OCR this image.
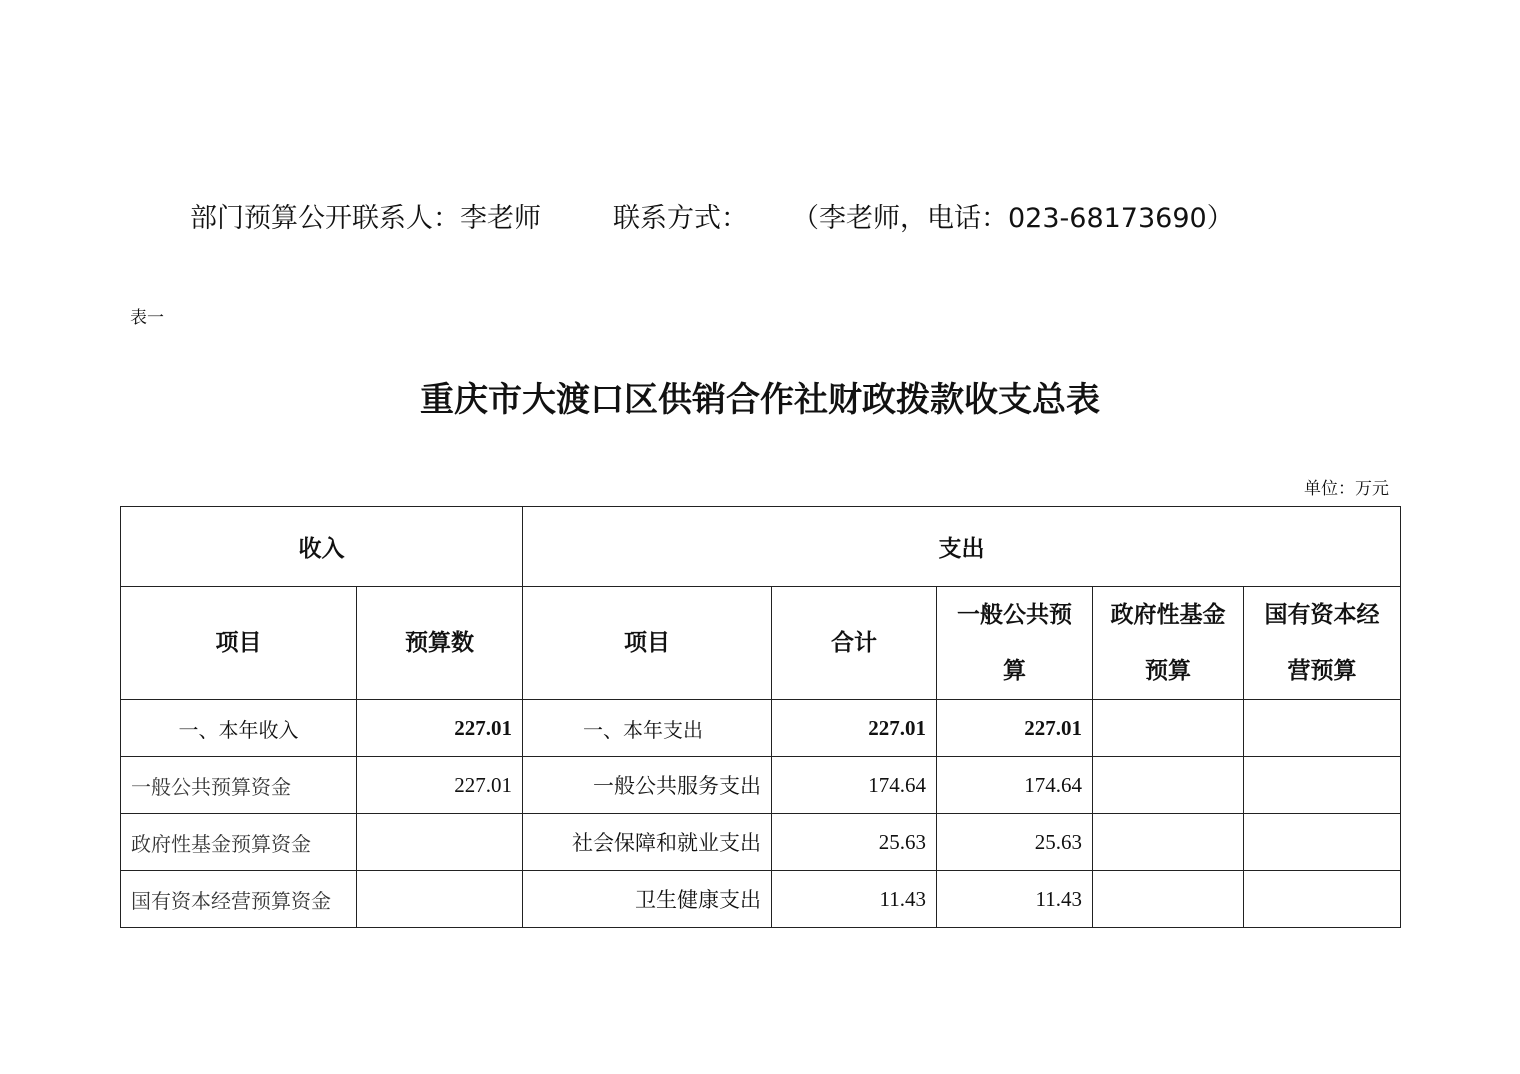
部门预算公开联系人：李老师	联系方式： （李老师，电话：023-68173690）
表一
重庆市大渡口区供销合作社财政拨款收支总表
单位：万元
收入		支出				
项目	预算数	项目	合计	一般公共预算	政府性基金预算	国有资本经营预算
一、本年收入	227.01	一、本年支出	227.01	227.01		
一般公共预算资金	227.01	一般公共服务支出	174.64	174.64		
政府性基金预算资金		社会保障和就业支出	25.63	25.63		
国有资本经营预算资金		卫生健康支出	11.43	11.43		
